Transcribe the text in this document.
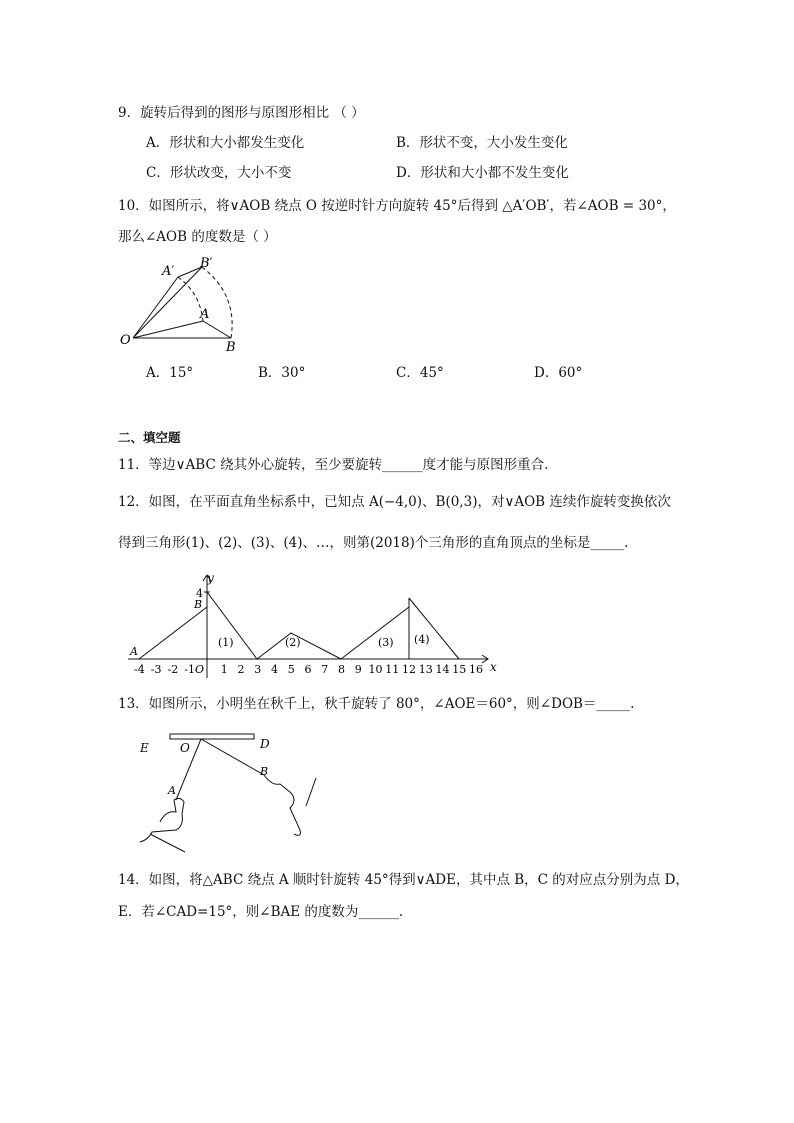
9．旋转后得到的图形与原图形相比 （ ）
A．形状和大小都发生变化	B．形状不变，大小发生变化
C．形状改变，大小不变	D．形状和大小都不发生变化
10．如图所示，将∨AOB 绕点 O 按逆时针方向旋转 45°后得到 △A′OB′，若∠AOB = 30°，
那么∠AOB 的度数是（ ）
O	B
A
A′
B′
A．15°	B．30°	C．45°	D．60°
二、填空题
11．等边∨ABC 绕其外心旋转，至少要旋转______度才能与原图形重合.
12．如图，在平面直角坐标系中，已知点 A(−4,0)、B(0,3)，对∨AOB 连续作旋转变换依次
得到三角形(1)、(2)、(3)、(4)、…，则第(2018)个三角形的直角顶点的坐标是_____.
y
x
4
B
A
O
(1)	(2)	(3) (4)
-4 -3 -2 -1 1 2 3 4 5 6 7 8 9 10 11 12 13 14 15 16
13．如图所示，小明坐在秋千上，秋千旋转了 80°，∠AOE＝60°，则∠DOB＝_____.
E	O	D
A
B
14．如图，将△ABC 绕点 A 顺时针旋转 45°得到∨ADE，其中点 B，C 的对应点分别为点 D，
E．若∠CAD=15°，则∠BAE 的度数为______.
